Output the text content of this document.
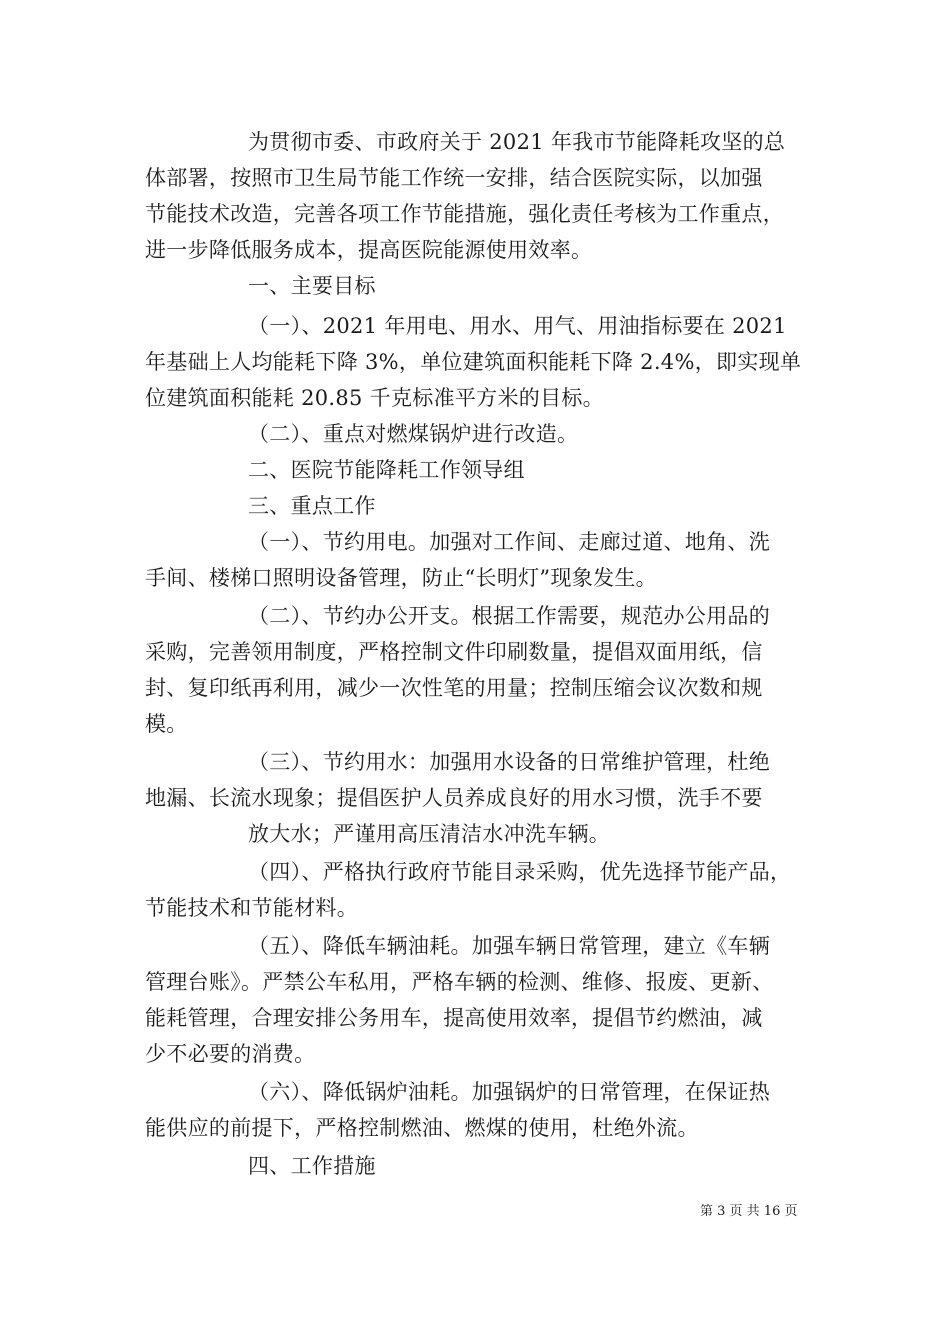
为贯彻市委、市政府关于 2021 年我市节能降耗攻坚的总
体部署，按照市卫生局节能工作统一安排，结合医院实际，以加强
节能技术改造，完善各项工作节能措施，强化责任考核为工作重点，
进一步降低服务成本，提高医院能源使用效率。
一、主要目标
（一）、2021 年用电、用水、用气、用油指标要在 2021
年基础上人均能耗下降 3%，单位建筑面积能耗下降 2.4%，即实现单
位建筑面积能耗 20.85 千克标准平方米的目标。
（二）、重点对燃煤锅炉进行改造。
二、医院节能降耗工作领导组
三、重点工作
（一）、节约用电。加强对工作间、走廊过道、地角、洗
手间、楼梯口照明设备管理，防止“长明灯”现象发生。
（二）、节约办公开支。根据工作需要，规范办公用品的
采购，完善领用制度，严格控制文件印刷数量，提倡双面用纸，信
封、复印纸再利用，减少一次性笔的用量；控制压缩会议次数和规
模。
（三）、节约用水：加强用水设备的日常维护管理，杜绝
地漏、长流水现象；提倡医护人员养成良好的用水习惯，洗手不要
放大水；严谨用高压清洁水冲洗车辆。
（四）、严格执行政府节能目录采购，优先选择节能产品，
节能技术和节能材料。
（五）、降低车辆油耗。加强车辆日常管理，建立《车辆
管理台账》。严禁公车私用，严格车辆的检测、维修、报废、更新、
能耗管理，合理安排公务用车，提高使用效率，提倡节约燃油，减
少不必要的消费。
（六）、降低锅炉油耗。加强锅炉的日常管理，在保证热
能供应的前提下，严格控制燃油、燃煤的使用，杜绝外流。
四、工作措施
第 3 页 共 16 页
